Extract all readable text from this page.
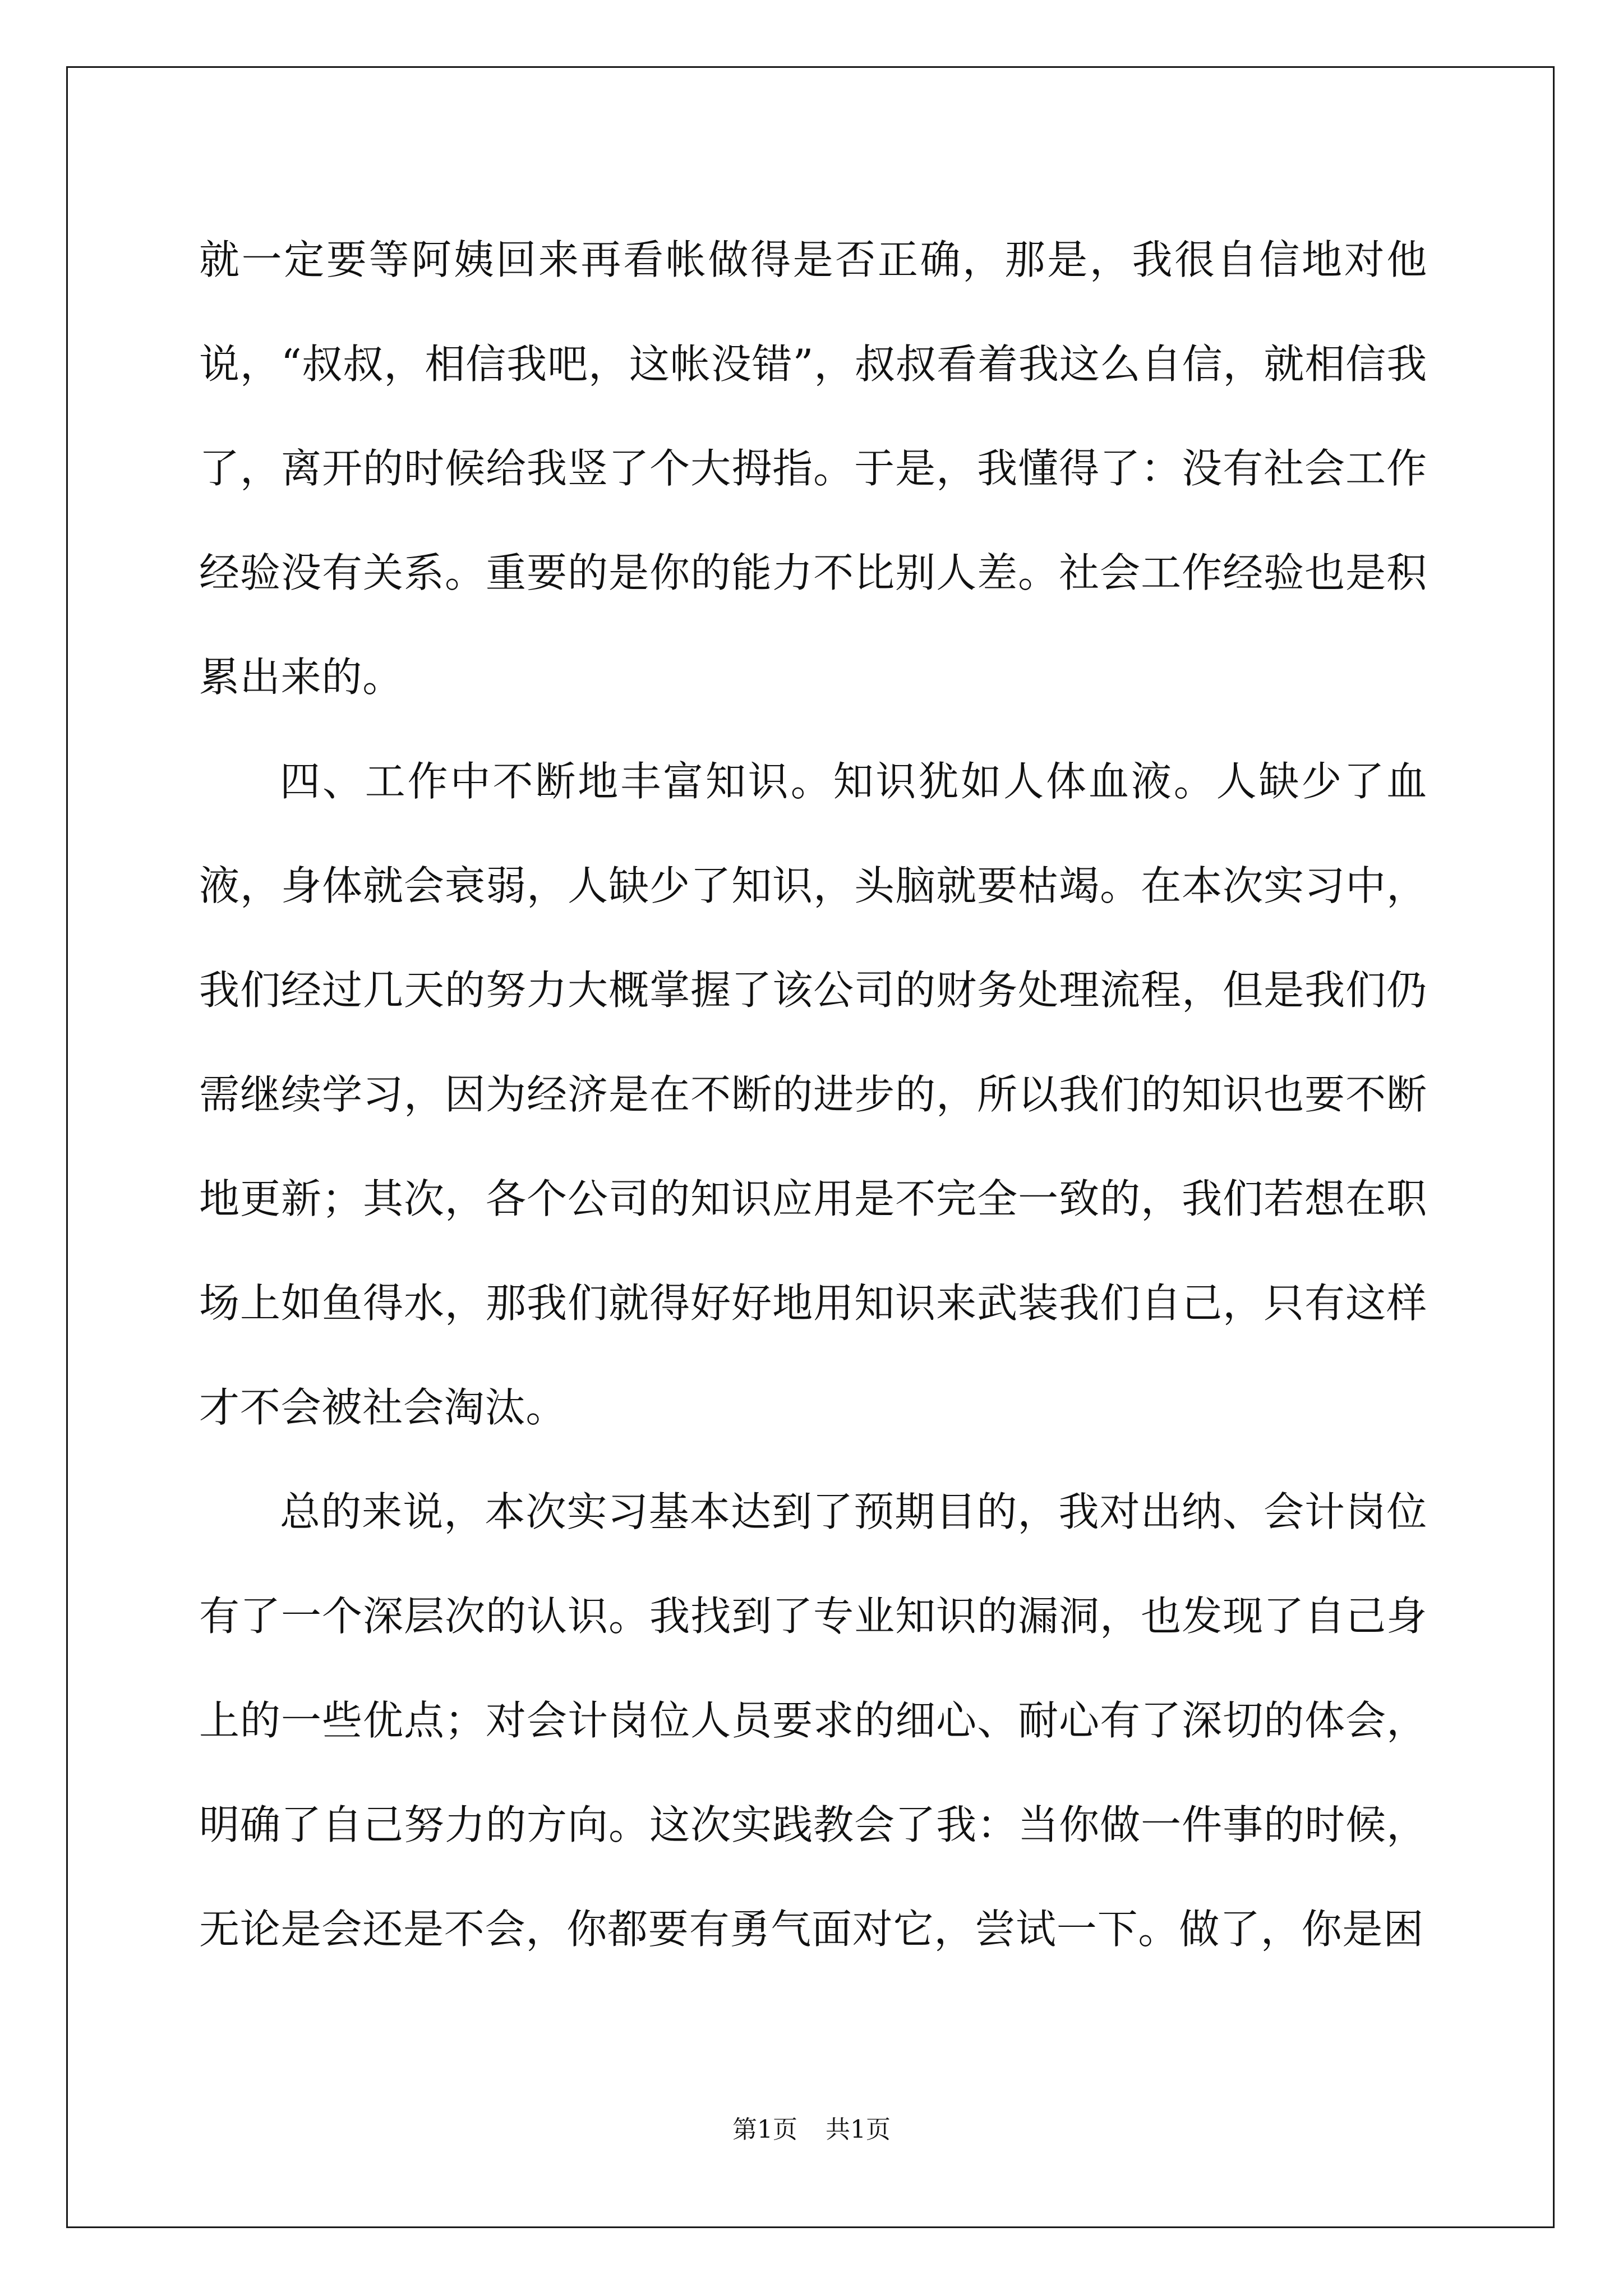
就一定要等阿姨回来再看帐做得是否正确，那是，我很自信地对他说，“叔叔，相信我吧，这帐没错”，叔叔看着我这么自信，就相信我了，离开的时候给我竖了个大拇指。于是，我懂得了：没有社会工作经验没有关系。重要的是你的能力不比别人差。社会工作经验也是积累出来的。

四、工作中不断地丰富知识。知识犹如人体血液。人缺少了血液，身体就会衰弱，人缺少了知识，头脑就要枯竭。在本次实习中，我们经过几天的努力大概掌握了该公司的财务处理流程，但是我们仍需继续学习，因为经济是在不断的进步的，所以我们的知识也要不断地更新；其次，各个公司的知识应用是不完全一致的，我们若想在职场上如鱼得水，那我们就得好好地用知识来武装我们自己，只有这样才不会被社会淘汰。

总的来说，本次实习基本达到了预期目的，我对出纳、会计岗位有了一个深层次的认识。我找到了专业知识的漏洞，也发现了自己身上的一些优点；对会计岗位人员要求的细心、耐心有了深切的体会，明确了自己努力的方向。这次实践教会了我：当你做一件事的时候，无论是会还是不会，你都要有勇气面对它，尝试一下。做了，你是困

第1页 共1页
